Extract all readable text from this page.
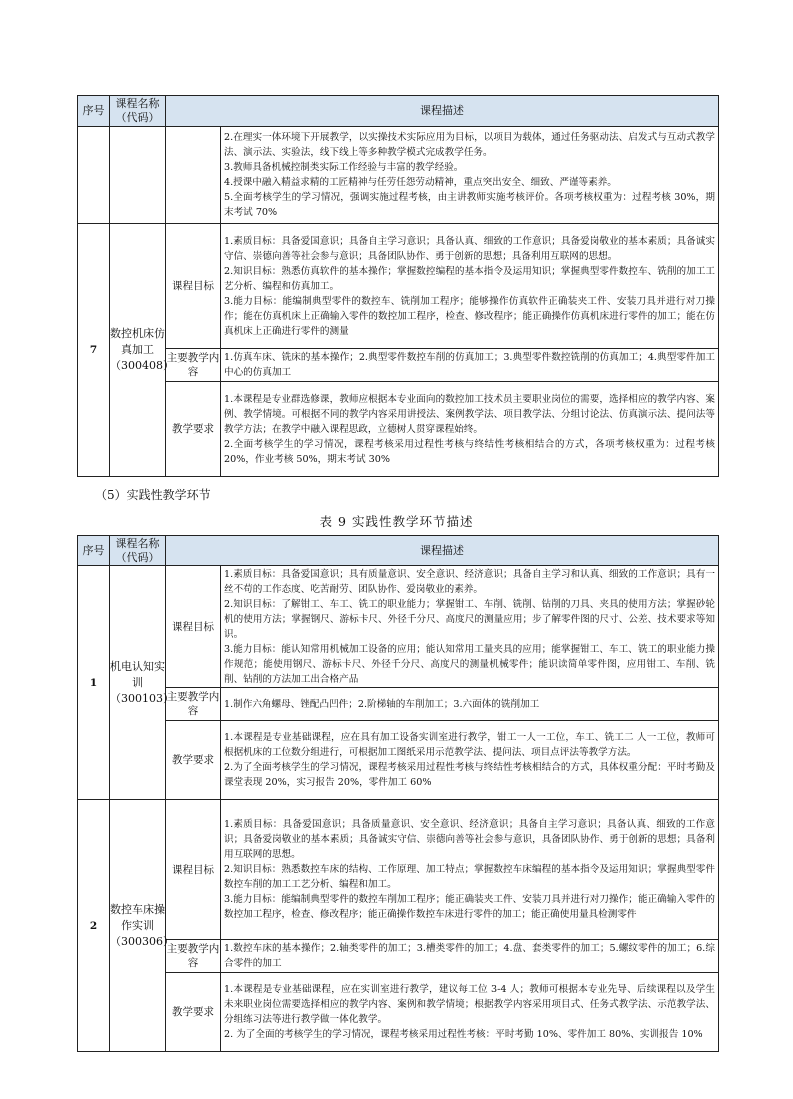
序号	课程名称（代码）	课程描述	

			2.在理实一体环境下开展教学，以实操技术实际应用为目标，以项目为载体，通过任务驱动法、启发式与互动式教学法、演示法、实验法，线下线上等多种教学模式完成教学任务。

3.教师具备机械控制类实际工作经验与丰富的教学经验。

4.授课中融入精益求精的工匠精神与任劳任怨劳动精神，重点突出安全、细致、严谨等素养。

5.全面考核学生的学习情况，强调实施过程考核，由主讲教师实施考核评价。各项考核权重为：过程考核 30%，期末考试 70%

7	数控机床仿真加工（300408）	课程目标	1.素质目标：具备爱国意识；具备自主学习意识；具备认真、细致的工作意识；具备爱岗敬业的基本素质；具备诚实守信、崇德向善等社会参与意识；具备团队协作、勇于创新的思想；具备利用互联网的思想。

2.知识目标：熟悉仿真软件的基本操作；掌握数控编程的基本指令及运用知识；掌握典型零件数控车、铣削的加工工艺分析、编程和仿真加工。

3.能力目标：能编制典型零件的数控车、铣削加工程序；能够操作仿真软件正确装夹工件、安装刀具并进行对刀操作；能在仿真机床上正确输入零件的数控加工程序，检查、修改程序；能正确操作仿真机床进行零件的加工；能在仿真机床上正确进行零件的测量

		主要教学内容	1.仿真车床、铣床的基本操作；2.典型零件数控车削的仿真加工；3.典型零件数控铣削的仿真加工；4.典型零件加工中心的仿真加工

		教学要求	1.本课程是专业群选修课，教师应根据本专业面向的数控加工技术员主要职业岗位的需要，选择相应的教学内容、案例、教学情境。可根据不同的教学内容采用讲授法、案例教学法、项目教学法、分组讨论法、仿真演示法、提问法等教学方法；在教学中融入课程思政，立德树人贯穿课程始终。

2.全面考核学生的学习情况，课程考核采用过程性考核与终结性考核相结合的方式，各项考核权重为：过程考核 20%，作业考核 50%，期末考试 30%

（5）实践性教学环节
表 9 实践性教学环节描述
序号	课程名称（代码）	课程描述	
1	机电认知实训（300103）	课程目标	1.素质目标：具备爱国意识；具有质量意识、安全意识、经济意识；具备自主学习和认真、细致的工作意识；具有一丝不苟的工作态度、吃苦耐劳、团队协作、爱岗敬业的素养。

2.知识目标：了解钳工、车工、铣工的职业能力；掌握钳工、车削、铣削、钻削的刀具、夹具的使用方法；掌握砂轮机的使用方法；掌握钢尺、游标卡尺、外径千分尺、高度尺的测量应用；步了解零件图的尺寸、公差、技术要求等知识。

3.能力目标：能认知常用机械加工设备的应用；能认知常用工量夹具的应用；能掌握钳工、车工、铣工的职业能力操作规范；能使用钢尺、游标卡尺、外径千分尺、高度尺的测量机械零件；能识读简单零件图，应用钳工、车削、铣削、钻削的方法加工出合格产品

		主要教学内容	1.制作六角螺母、锉配凸凹件；2.阶梯轴的车削加工；3.六面体的铣削加工

		教学要求	1.本课程是专业基础课程，应在具有加工设备实训室进行教学，钳工一人一工位，车工、铣工二 人一工位，教师可根据机床的工位数分组进行，可根据加工图纸采用示范教学法、提问法、项目点评法等教学方法。

2.为了全面考核学生的学习情况，课程考核采用过程性考核与终结性考核相结合的方式，具体权重分配：平时考勤及课堂表现 20%，实习报告 20%，零件加工 60%

2	数控车床操作实训（300306）	课程目标	1.素质目标：具备爱国意识；具备质量意识、安全意识、经济意识；具备自主学习意识；具备认真、细致的工作意识；具备爱岗敬业的基本素质；具备诚实守信、崇德向善等社会参与意识，具备团队协作、勇于创新的思想；具备利用互联网的思想。

2.知识目标：熟悉数控车床的结构、工作原理、加工特点；掌握数控车床编程的基本指令及运用知识；掌握典型零件数控车削的加工工艺分析、编程和加工。

3.能力目标：能编制典型零件的数控车削加工程序；能正确装夹工件、安装刀具并进行对刀操作；能正确输入零件的数控加工程序，检查、修改程序；能正确操作数控车床进行零件的加工；能正确使用量具检测零件

		主要教学内容	1.数控车床的基本操作；2.轴类零件的加工；3.槽类零件的加工；4.盘、套类零件的加工；5.螺纹零件的加工；6.综合零件的加工

		教学要求	1.本课程是专业基础课程，应在实训室进行教学，建议每工位 3-4 人；教师可根据本专业先导、后续课程以及学生未来职业岗位需要选择相应的教学内容、案例和教学情境；根据教学内容采用项目式、任务式教学法、示范教学法、分组练习法等进行教学做一体化教学。

2. 为了全面的考核学生的学习情况，课程考核采用过程性考核：平时考勤 10%、零件加工 80%、实训报告 10%
